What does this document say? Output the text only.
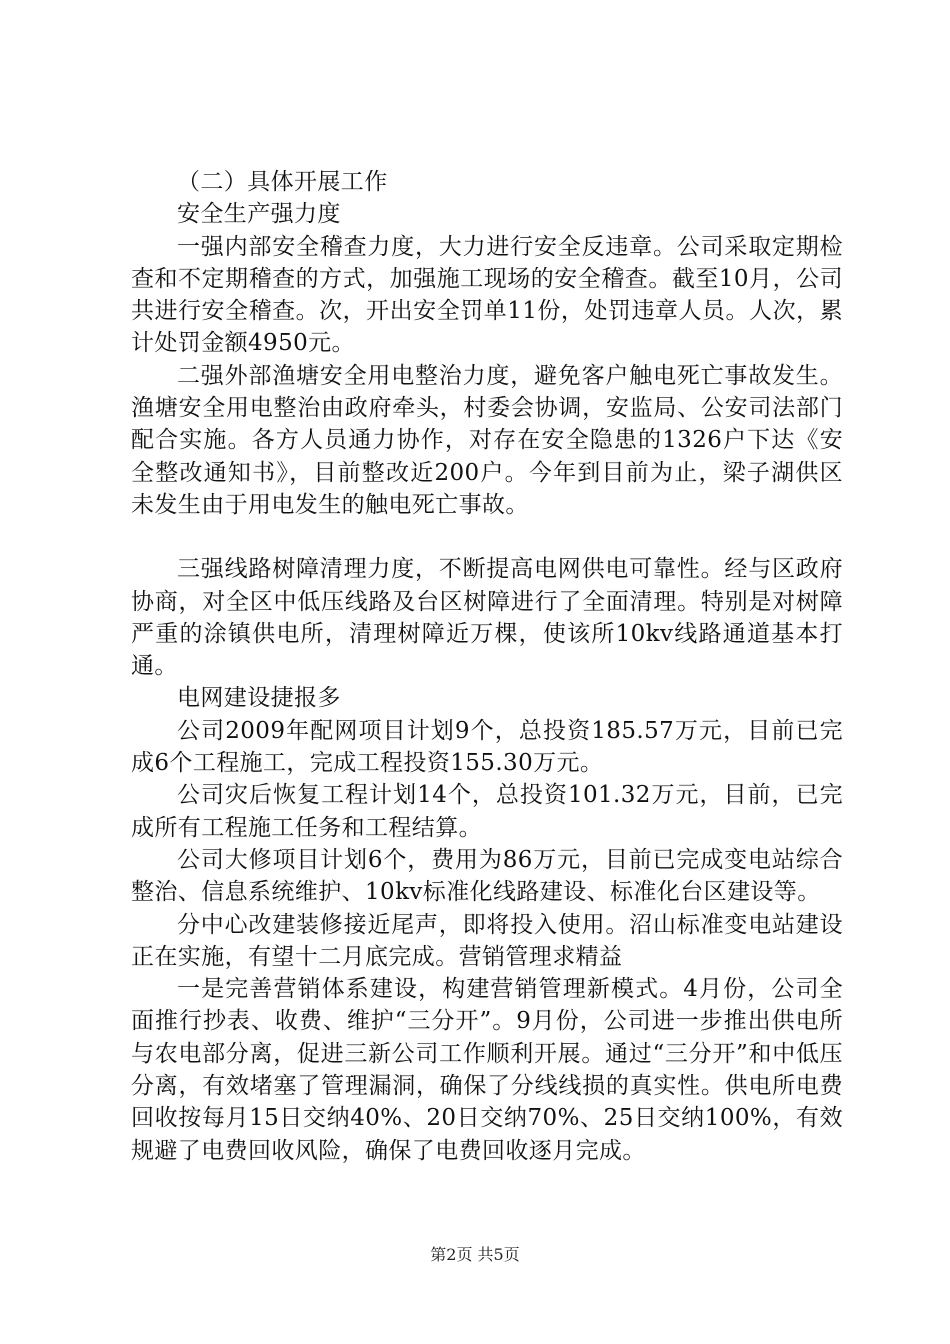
（二）具体开展工作

安全生产强力度

一强内部安全稽查力度，大力进行安全反违章。公司采取定期检查和不定期稽查的方式，加强施工现场的安全稽查。截至10月，公司共进行安全稽查。次，开出安全罚单11份，处罚违章人员。人次，累计处罚金额4950元。

二强外部渔塘安全用电整治力度，避免客户触电死亡事故发生。渔塘安全用电整治由政府牵头，村委会协调，安监局、公安司法部门配合实施。各方人员通力协作，对存在安全隐患的1326户下达《安全整改通知书》，目前整改近200户。今年到目前为止，梁子湖供区未发生由于用电发生的触电死亡事故。

三强线路树障清理力度，不断提高电网供电可靠性。经与区政府协商，对全区中低压线路及台区树障进行了全面清理。特别是对树障严重的涂镇供电所，清理树障近万棵，使该所10kv线路通道基本打通。

电网建设捷报多

公司2009年配网项目计划9个，总投资185.57万元，目前已完成6个工程施工，完成工程投资155.30万元。

公司灾后恢复工程计划14个，总投资101.32万元，目前，已完成所有工程施工任务和工程结算。

公司大修项目计划6个，费用为86万元，目前已完成变电站综合整治、信息系统维护、10kv标准化线路建设、标准化台区建设等。

分中心改建装修接近尾声，即将投入使用。沼山标准变电站建设正在实施，有望十二月底完成。营销管理求精益

一是完善营销体系建设，构建营销管理新模式。4月份，公司全面推行抄表、收费、维护“三分开”。9月份，公司进一步推出供电所与农电部分离，促进三新公司工作顺利开展。通过“三分开”和中低压分离，有效堵塞了管理漏洞，确保了分线线损的真实性。供电所电费回收按每月15日交纳40%、20日交纳70%、25日交纳100%，有效规避了电费回收风险，确保了电费回收逐月完成。

第2页 共5页
